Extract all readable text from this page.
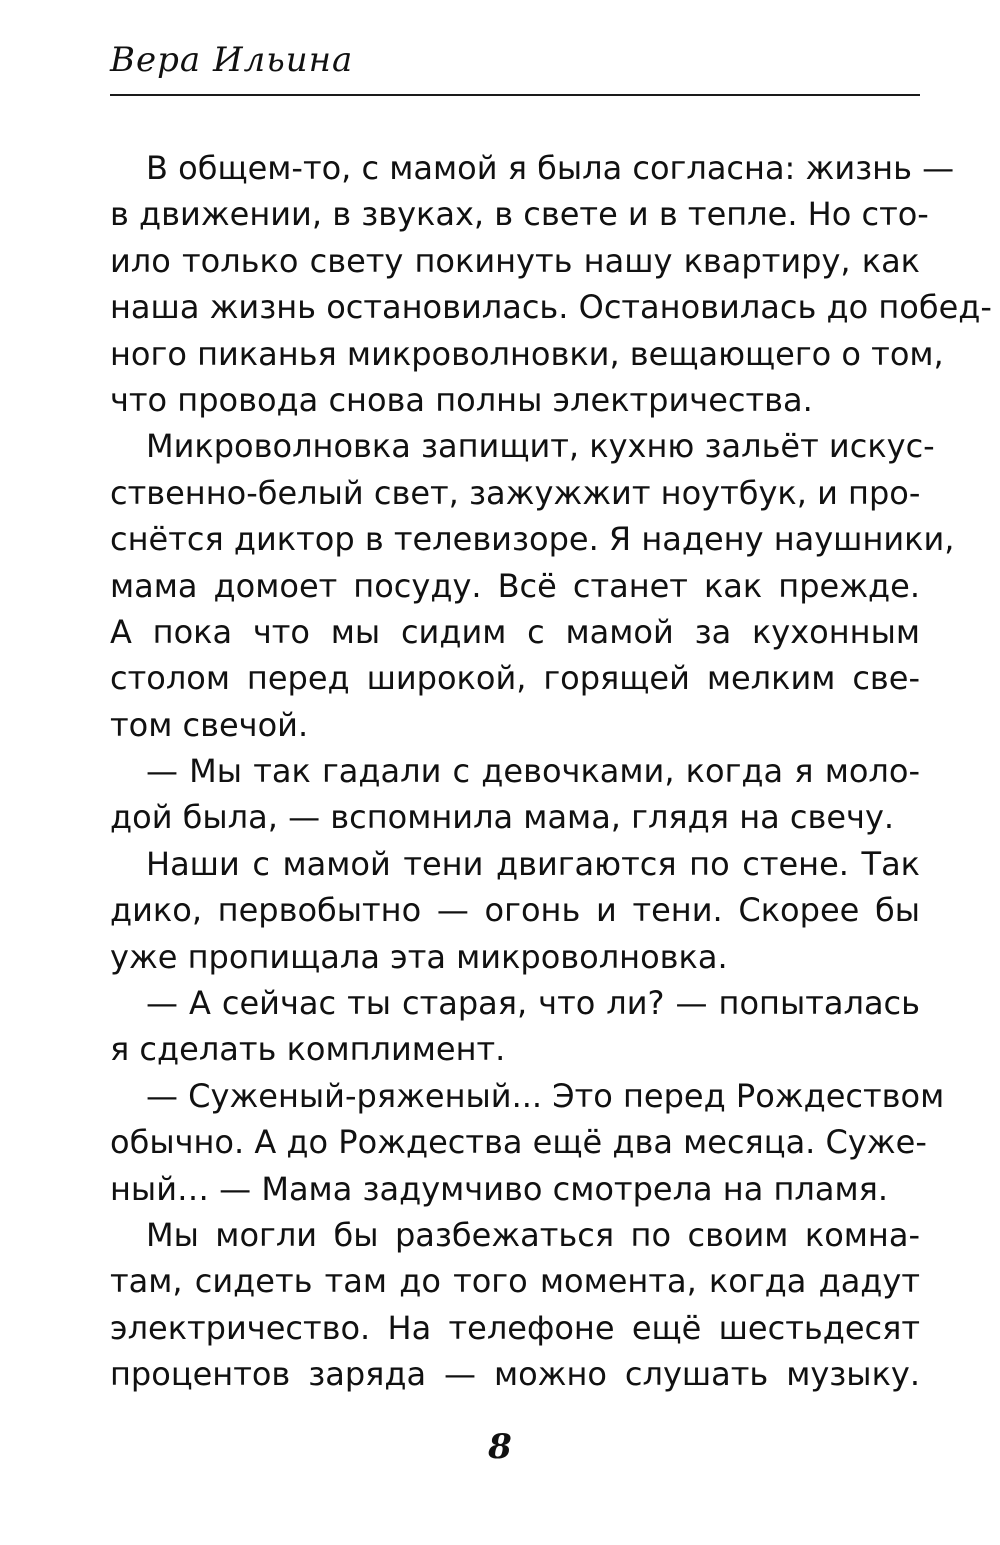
Вера Ильина
В общем-то, с мамой я была согласна: жизнь —
в движении, в звуках, в свете и в тепле. Но сто-
ило только свету покинуть нашу квартиру, как
наша жизнь остановилась. Остановилась до побед-
ного пиканья микроволновки, вещающего о том,
что провода снова полны электричества.
Микроволновка запищит, кухню зальёт искус-
ственно-белый свет, зажужжит ноутбук, и про-
снётся диктор в телевизоре. Я надену наушники,
мама домоет посуду. Всё станет как прежде.
А пока что мы сидим с мамой за кухонным
столом перед широкой, горящей мелким све-
том свечой.
— Мы так гадали с девочками, когда я моло-
дой была, — вспомнила мама, глядя на свечу.
Наши с мамой тени двигаются по стене. Так
дико, первобытно — огонь и тени. Скорее бы
уже пропищала эта микроволновка.
— А сейчас ты старая, что ли? — попыталась
я сделать комплимент.
— Суженый-ряженый... Это перед Рождеством
обычно. А до Рождества ещё два месяца. Суже-
ный… — Мама задумчиво смотрела на пламя.
Мы могли бы разбежаться по своим комна-
там, сидеть там до того момента, когда дадут
электричество. На телефоне ещё шестьдесят
процентов заряда — можно слушать музыку.
8
